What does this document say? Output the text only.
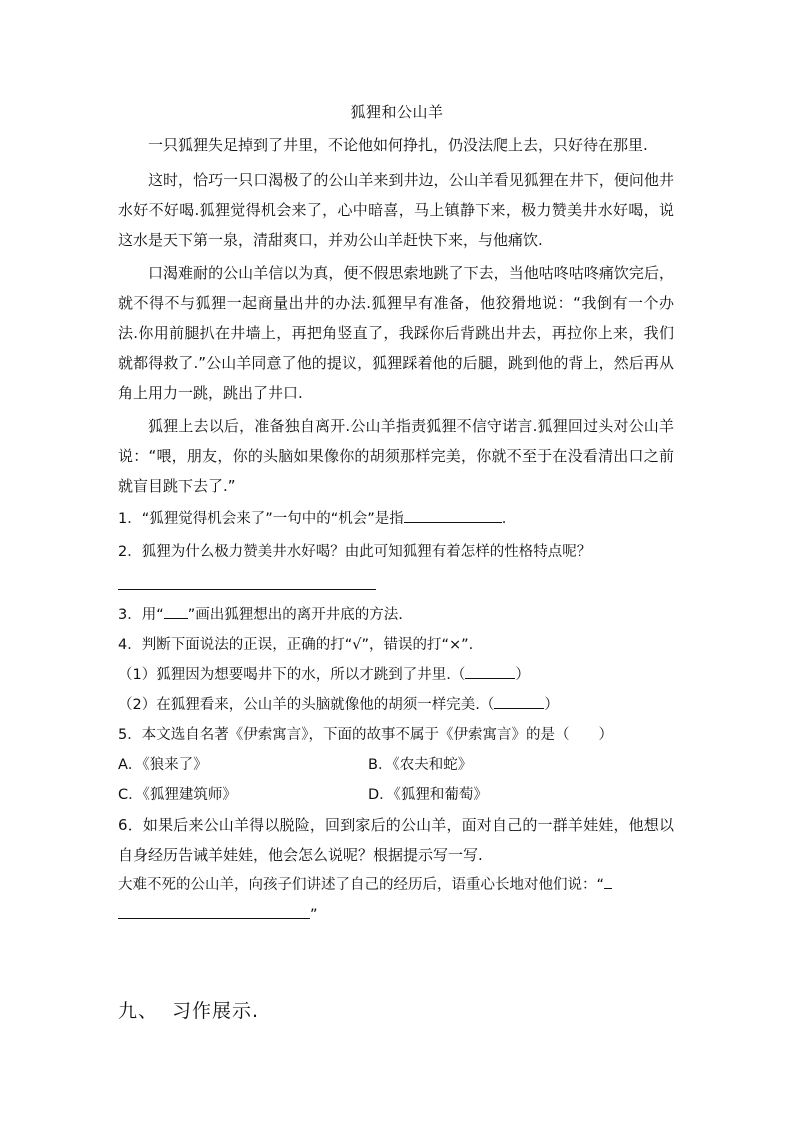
狐狸和公山羊

一只狐狸失足掉到了井里，不论他如何挣扎，仍没法爬上去，只好待在那里.

这时，恰巧一只口渴极了的公山羊来到井边，公山羊看见狐狸在井下，便问他井水好不好喝.狐狸觉得机会来了，心中暗喜，马上镇静下来，极力赞美井水好喝，说这水是天下第一泉，清甜爽口，并劝公山羊赶快下来，与他痛饮.

口渴难耐的公山羊信以为真，便不假思索地跳了下去，当他咕咚咕咚痛饮完后，就不得不与狐狸一起商量出井的办法.狐狸早有准备，他狡猾地说：“我倒有一个办法.你用前腿扒在井墙上，再把角竖直了，我踩你后背跳出井去，再拉你上来，我们就都得救了.”公山羊同意了他的提议，狐狸踩着他的后腿，跳到他的背上，然后再从角上用力一跳，跳出了井口.

狐狸上去以后，准备独自离开.公山羊指责狐狸不信守诺言.狐狸回过头对公山羊说：“喂，朋友，你的头脑如果像你的胡须那样完美，你就不至于在没看清出口之前就盲目跳下去了.”

1．“狐狸觉得机会来了”一句中的“机会”是指	.
2．狐狸为什么极力赞美井水好喝？由此可知狐狸有着怎样的性格特点呢？
3．用“ ”画出狐狸想出的离开井底的方法.
4．判断下面说法的正误，正确的打“√”，错误的打“×”.
（1）狐狸因为想要喝井下的水，所以才跳到了井里.（	）
（2）在狐狸看来，公山羊的头脑就像他的胡须一样完美.（	）
5．本文选自名著《伊索寓言》，下面的故事不属于《伊索寓言》的是（　　）
A．《狼来了》	B．《农夫和蛇》
C．《狐狸建筑师》	D．《狐狸和葡萄》

6．如果后来公山羊得以脱险，回到家后的公山羊，面对自己的一群羊娃娃，他想以自身经历告诫羊娃娃，他会怎么说呢？根据提示写一写.

大难不死的公山羊，向孩子们讲述了自己的经历后，语重心长地对他们说：“
”
九、 习作展示.
